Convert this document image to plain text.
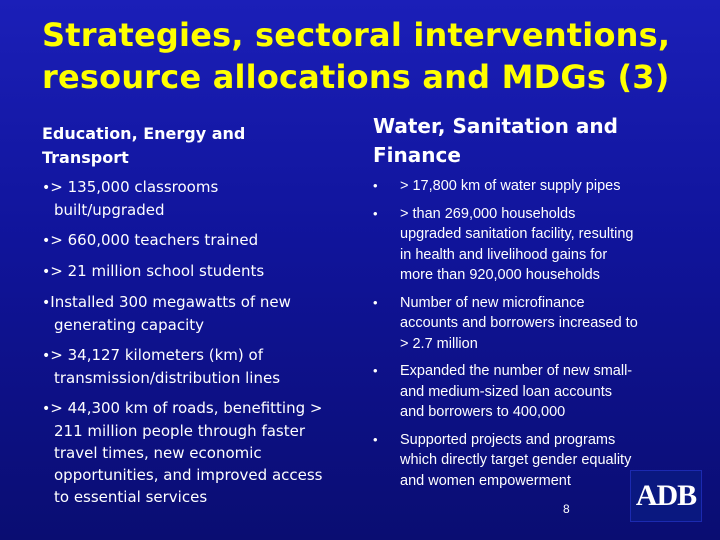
Strategies, sectoral interventions,
resource allocations and MDGs (3)
Education, Energy and
Transport
Water, Sanitation and
Finance
•> 135,000 classrooms

built/upgraded
•> 660,000 teachers trained
•> 21 million school students
•Installed 300 megawatts of new

generating capacity
•> 34,127 kilometers (km) of

transmission/distribution lines
•> 44,300 km of roads, benefitting >

211 million people through faster
travel times, new economic
opportunities, and improved access
to essential services
• > 17,800 km of water supply pipes
• > than 269,000 households
upgraded sanitation facility, resulting
in health and livelihood gains for
more than 920,000 households
• Number of new microfinance
accounts and borrowers increased to
> 2.7 million
• Expanded the number of new small-
and medium-sized loan accounts
and borrowers to 400,000
• Supported projects and programs
which directly target gender equality
and women empowerment	ADB
8
